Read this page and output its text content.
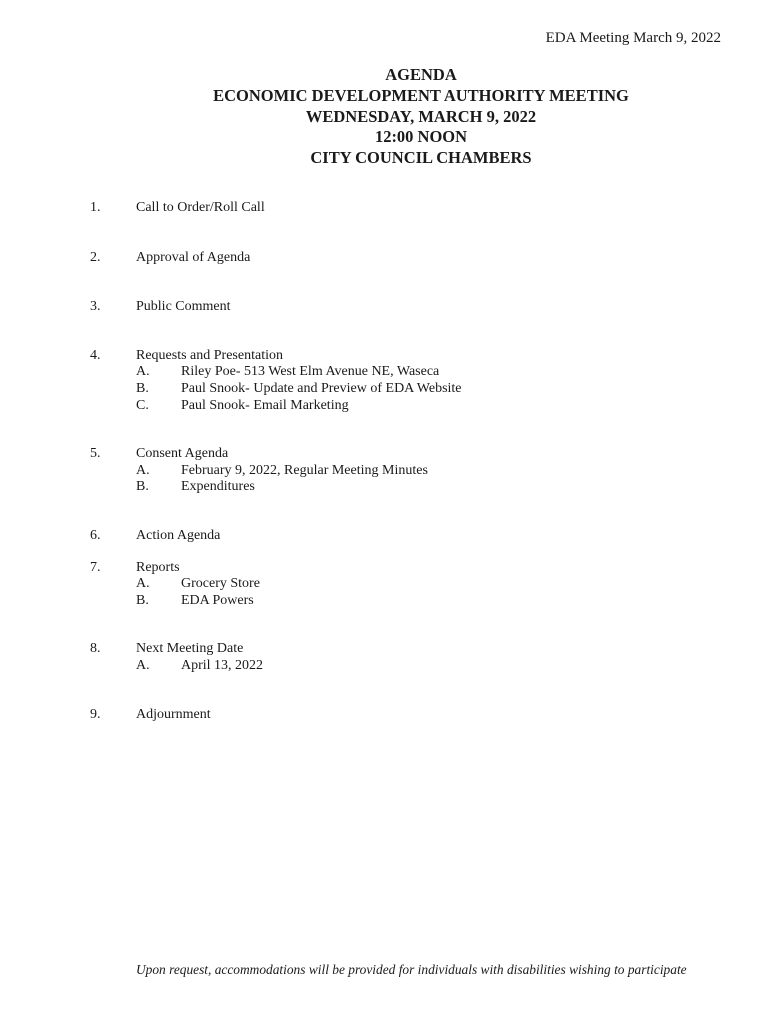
EDA Meeting March 9, 2022
AGENDA
ECONOMIC DEVELOPMENT AUTHORITY MEETING
WEDNESDAY, MARCH 9, 2022
12:00 NOON
CITY COUNCIL CHAMBERS
1.	Call to Order/Roll Call
2.	Approval of Agenda
3.	Public Comment
4.	Requests and Presentation
A. Riley Poe- 513 West Elm Avenue NE, Waseca
B. Paul Snook- Update and Preview of EDA Website
C. Paul Snook- Email Marketing
5.	Consent Agenda
A. February 9, 2022, Regular Meeting Minutes
B. Expenditures
6.	Action Agenda
7.	Reports
A. Grocery Store
B. EDA Powers
8.	Next Meeting Date
A. April 13, 2022
9.	Adjournment
Upon request, accommodations will be provided for individuals with disabilities wishing to participate
